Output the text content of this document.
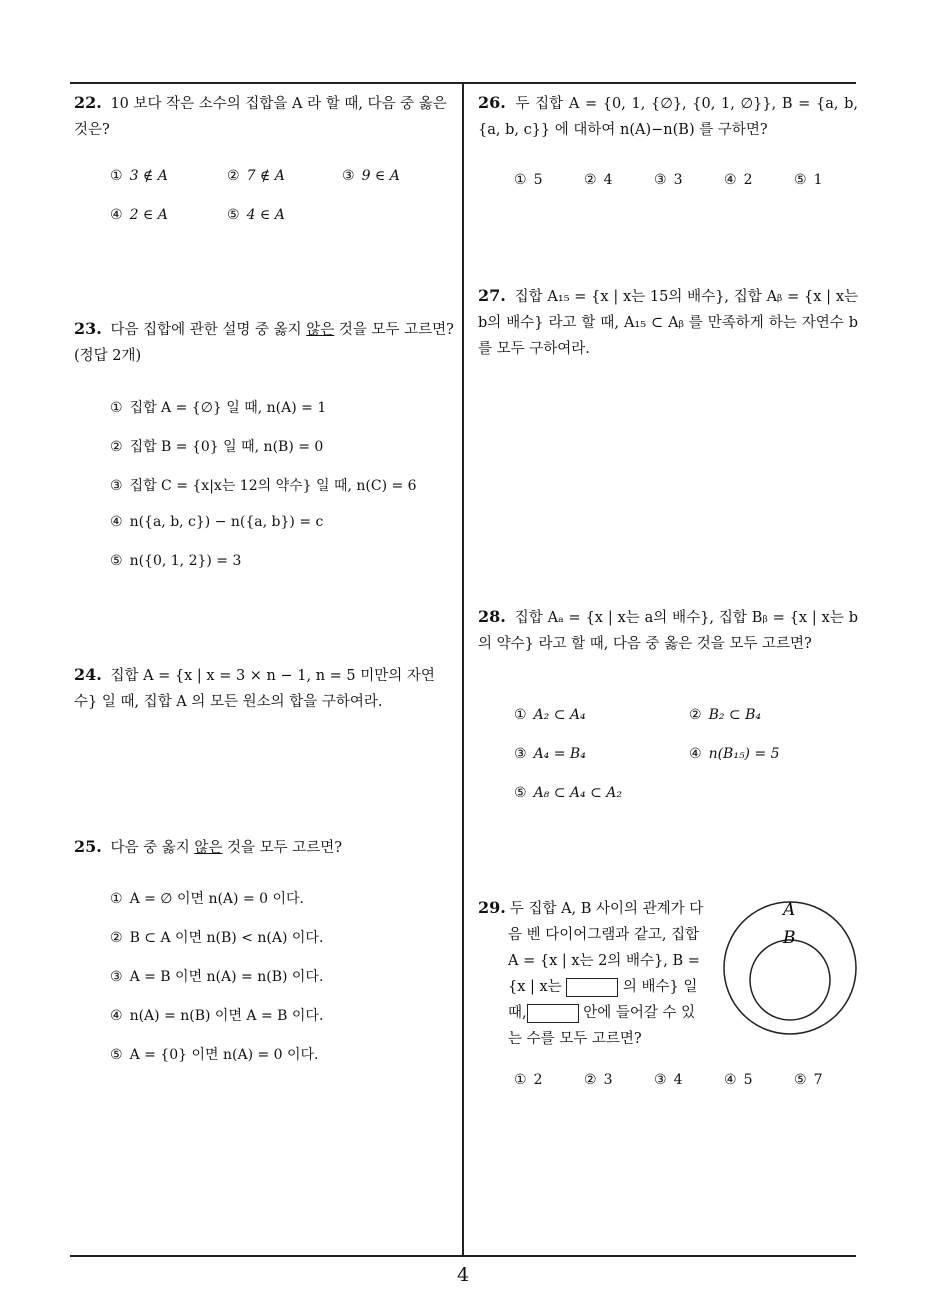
22. 10 보다 작은 소수의 집합을 A 라 할 때, 다음 중 옳은 것은?
① 3 ∉ A	② 7 ∉ A	③ 9 ∈ A
④ 2 ∈ A	⑤ 4 ∈ A
23. 다음 집합에 관한 설명 중 옳지 않은 것을 모두 고르면? (정답 2개)
① 집합 A = {∅} 일 때, n(A) = 1
② 집합 B = {0} 일 때, n(B) = 0
③ 집합 C = {x|x는 12의 약수} 일 때, n(C) = 6
④ n({a, b, c}) − n({a, b}) = c
⑤ n({0, 1, 2}) = 3
24. 집합 A = {x | x = 3 × n − 1, n = 5 미만의 자연수} 일 때, 집합 A 의 모든 원소의 합을 구하여라.
25. 다음 중 옳지 않은 것을 모두 고르면?
① A = ∅ 이면 n(A) = 0 이다.
② B ⊂ A 이면 n(B) < n(A) 이다.
③ A = B 이면 n(A) = n(B) 이다.
④ n(A) = n(B) 이면 A = B 이다.
⑤ A = {0} 이면 n(A) = 0 이다.
26. 두 집합 A = {0, 1, {∅}, {0, 1, ∅}}, B = {a, b, {a, b, c}} 에 대하여 n(A)−n(B) 를 구하면?
① 5	② 4	③ 3	④ 2	⑤ 1
27. 집합 A₁₅ = {x | x는 15의 배수}, 집합 Aᵦ = {x | x는 b의 배수} 라고 할 때, A₁₅ ⊂ Aᵦ 를 만족하게 하는 자연수 b 를 모두 구하여라.
28. 집합 Aₐ = {x | x는 a의 배수}, 집합 Bᵦ = {x | x는 b의 약수} 라고 할 때, 다음 중 옳은 것을 모두 고르면?
① A₂ ⊂ A₄	② B₂ ⊂ B₄
③ A₄ = B₄	④ n(B₁₅) = 5
⑤ A₈ ⊂ A₄ ⊂ A₂
29. 두 집합 A, B 사이의 관계가 다
음 벤 다이어그램과 같고, 집합
A = {x | x는 2의 배수}, B =
{x | x는	의 배수} 일
때,	안에 들어갈 수 있
는 수를 모두 고르면?
A
B
① 2	② 3	③ 4	④ 5	⑤ 7
4
